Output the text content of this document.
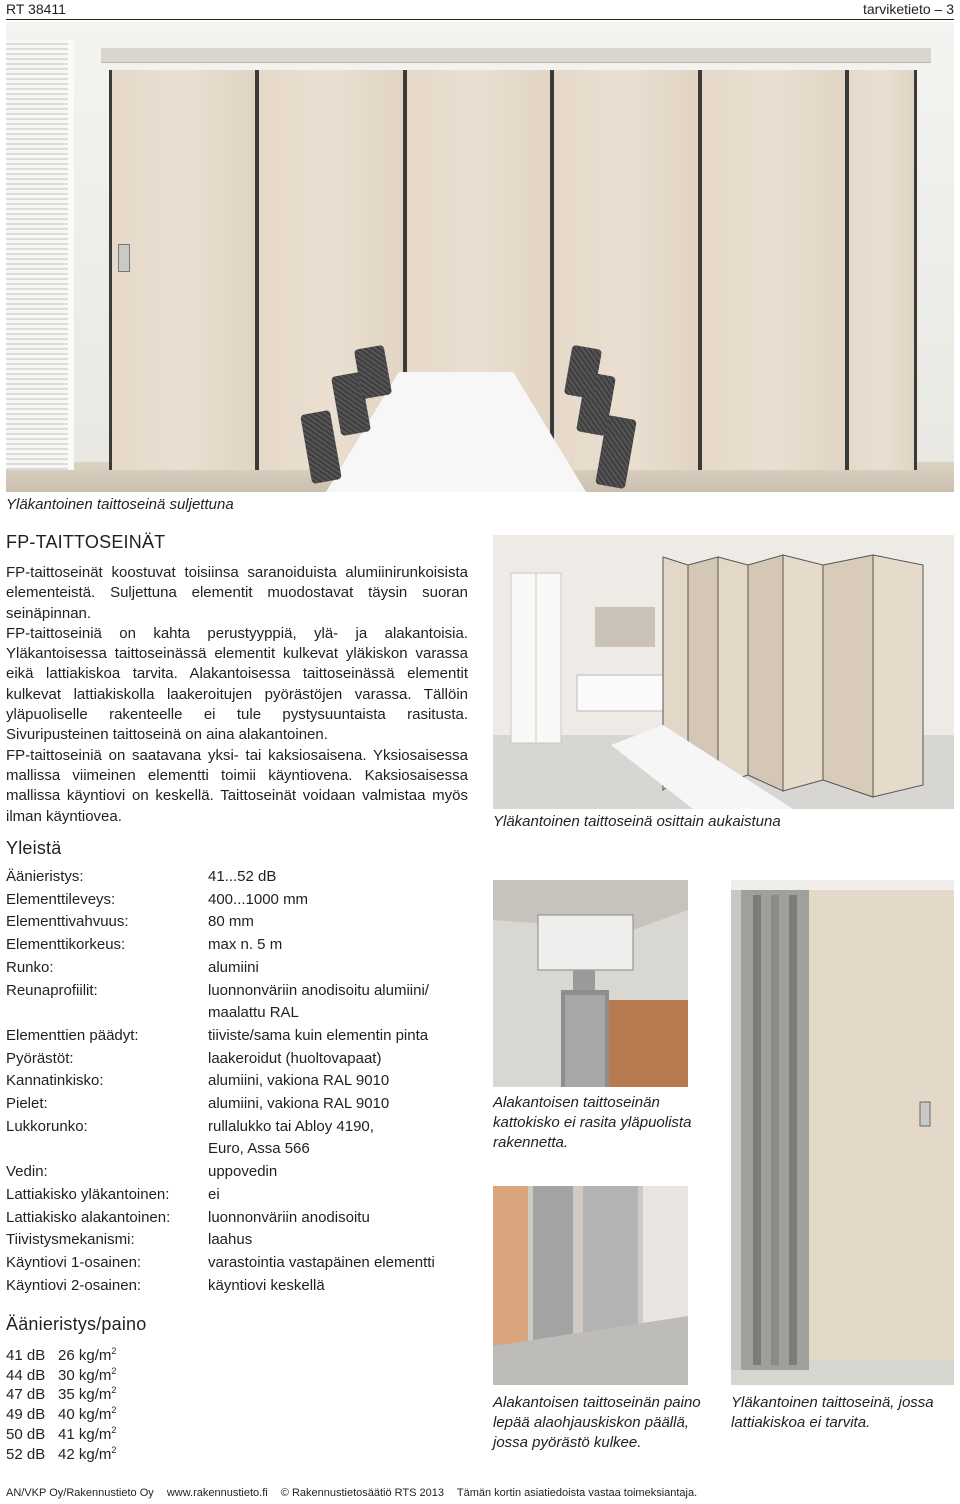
RT 38411	tarviketieto – 3
Yläkantoinen taittoseinä suljettuna
FP-TAITTOSEINÄT

FP-taittoseinät koostuvat toisiinsa saranoiduista alumiinirunkoisista elementeistä. Suljettuna elementit muodostavat täysin suoran seinäpinnan.

FP-taittoseiniä on kahta perustyyppiä, ylä- ja alakantoisia. Yläkantoisessa taittoseinässä elementit kulkevat yläkiskon varassa eikä lattiakiskoa tarvita. Alakantoisessa taittoseinässä elementit kulkevat lattiakiskolla laakeroitujen pyörästöjen varassa. Tällöin yläpuoliselle rakenteelle ei tule pystysuuntaista rasitusta. Sivuripusteinen taittoseinä on aina alakantoinen.

FP-taittoseiniä on saatavana yksi- tai kaksiosaisena. Yksiosaisessa mallissa viimeinen elementti toimii käyntiovena. Kaksiosaisessa mallissa käyntiovi on keskellä. Taittoseinät voidaan valmistaa myös ilman käyntiovea.

Yleistä
Äänieristys:	41...52 dB
Elementtileveys:	400...1000 mm
Elementtivahvuus:	80 mm
Elementtikorkeus:	max n. 5 m
Runko:	alumiini
Reunaprofiilit:	luonnonväriin anodisoitu alumiini/
maalattu RAL
Elementtien päädyt:	tiiviste/sama kuin elementin pinta
Pyörästöt:	laakeroidut (huoltovapaat)
Kannatinkisko:	alumiini, vakiona RAL 9010
Pielet:	alumiini, vakiona RAL 9010
Lukkorunko:	rullalukko tai Abloy 4190,
Euro, Assa 566
Vedin:	uppovedin
Lattiakisko yläkantoinen:	ei
Lattiakisko alakantoinen:	luonnonväriin anodisoitu
Tiivistysmekanismi:	laahus
Käyntiovi 1-osainen:	varastointia vastapäinen elementti
Käyntiovi 2-osainen:	käyntiovi keskellä
Äänieristys/paino
41 dB 26 $kg/m^2$
44 dB 30 $kg/m^2$
47 dB 35 $kg/m^2$
49 dB 40 $kg/m^2$
50 dB 41 $kg/m^2$
52 dB 42 $kg/m^2$
Yläkantoinen taittoseinä osittain aukaistuna
Alakantoisen taittoseinän kattokisko ei rasita yläpuolista rakennetta.
Alakantoisen taittoseinän paino lepää alaohjauskiskon päällä, jossa pyörästö kulkee.
Yläkantoinen taittoseinä, jossa lattiakiskoa ei tarvita.
AN/VKP Oy/Rakennustieto Oy www.rakennustieto.fi © Rakennustietosäätiö RTS 2013 Tämän kortin asiatiedoista vastaa toimeksiantaja.
